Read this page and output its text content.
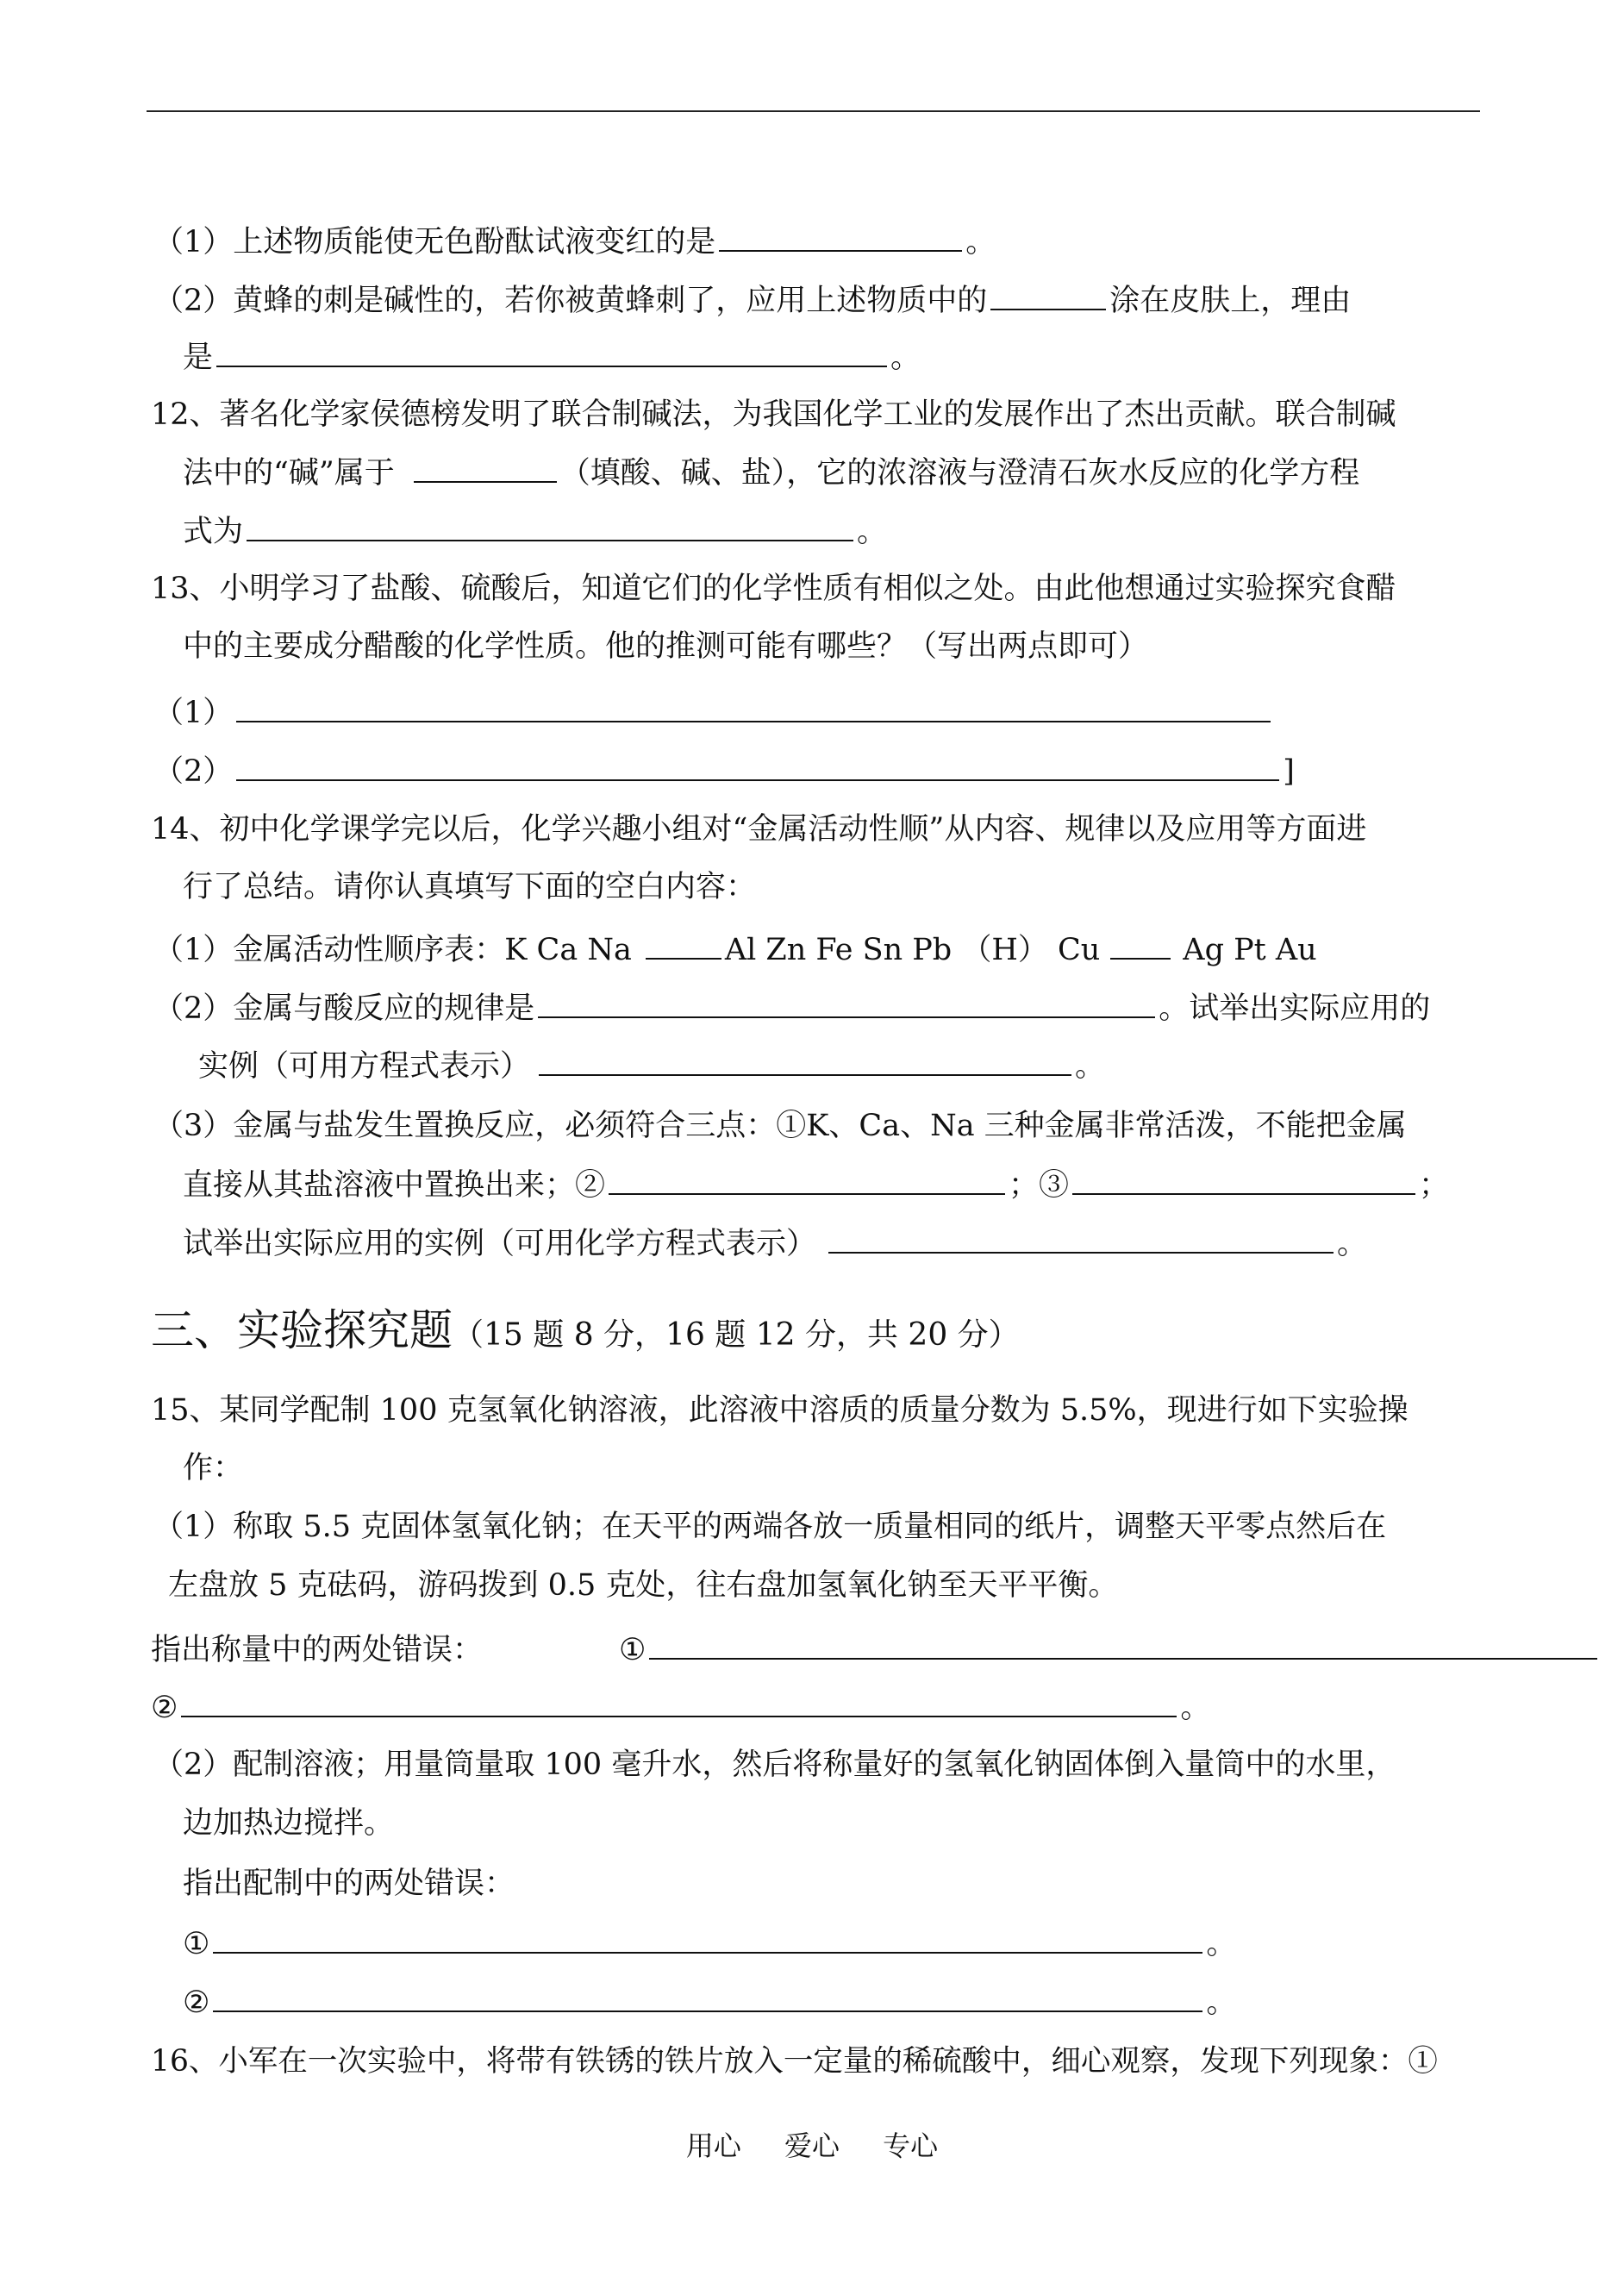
（1）上述物质能使无色酚酞试液变红的是	。
（2）黄蜂的刺是碱性的，若你被黄蜂刺了，应用上述物质中的	涂在皮肤上，理由
是	。
12、著名化学家侯德榜发明了联合制碱法，为我国化学工业的发展作出了杰出贡献。联合制碱
法中的“碱”属于	（填酸、碱、盐），它的浓溶液与澄清石灰水反应的化学方程
式为	。
13、小明学习了盐酸、硫酸后，知道它们的化学性质有相似之处。由此他想通过实验探究食醋
中的主要成分醋酸的化学性质。他的推测可能有哪些？（写出两点即可）
（1）
（2）	]
14、初中化学课学完以后，化学兴趣小组对“金属活动性顺”从内容、规律以及应用等方面进
行了总结。请你认真填写下面的空白内容：
（1）金属活动性顺序表：K Ca Na	Al Zn Fe Sn Pb （H） Cu	Ag Pt Au
（2）金属与酸反应的规律是	。试举出实际应用的
实例（可用方程式表示）	。
（3）金属与盐发生置换反应，必须符合三点：①K、Ca、Na 三种金属非常活泼，不能把金属
直接从其盐溶液中置换出来；②	；③	；
试举出实际应用的实例（可用化学方程式表示）	。
三、实验探究题（15 题 8 分，16 题 12 分，共 20 分）
15、某同学配制 100 克氢氧化钠溶液，此溶液中溶质的质量分数为 5.5%，现进行如下实验操
作：
（1）称取 5.5 克固体氢氧化钠；在天平的两端各放一质量相同的纸片，调整天平零点然后在
左盘放 5 克砝码，游码拨到 0.5 克处，往右盘加氢氧化钠至天平平衡。
指出称量中的两处错误：	①
②	。
（2）配制溶液；用量筒量取 100 毫升水，然后将称量好的氢氧化钠固体倒入量筒中的水里，
边加热边搅拌。
指出配制中的两处错误：
①	。
②	。
16、小军在一次实验中，将带有铁锈的铁片放入一定量的稀硫酸中，细心观察，发现下列现象：①
用心 爱心 专心
